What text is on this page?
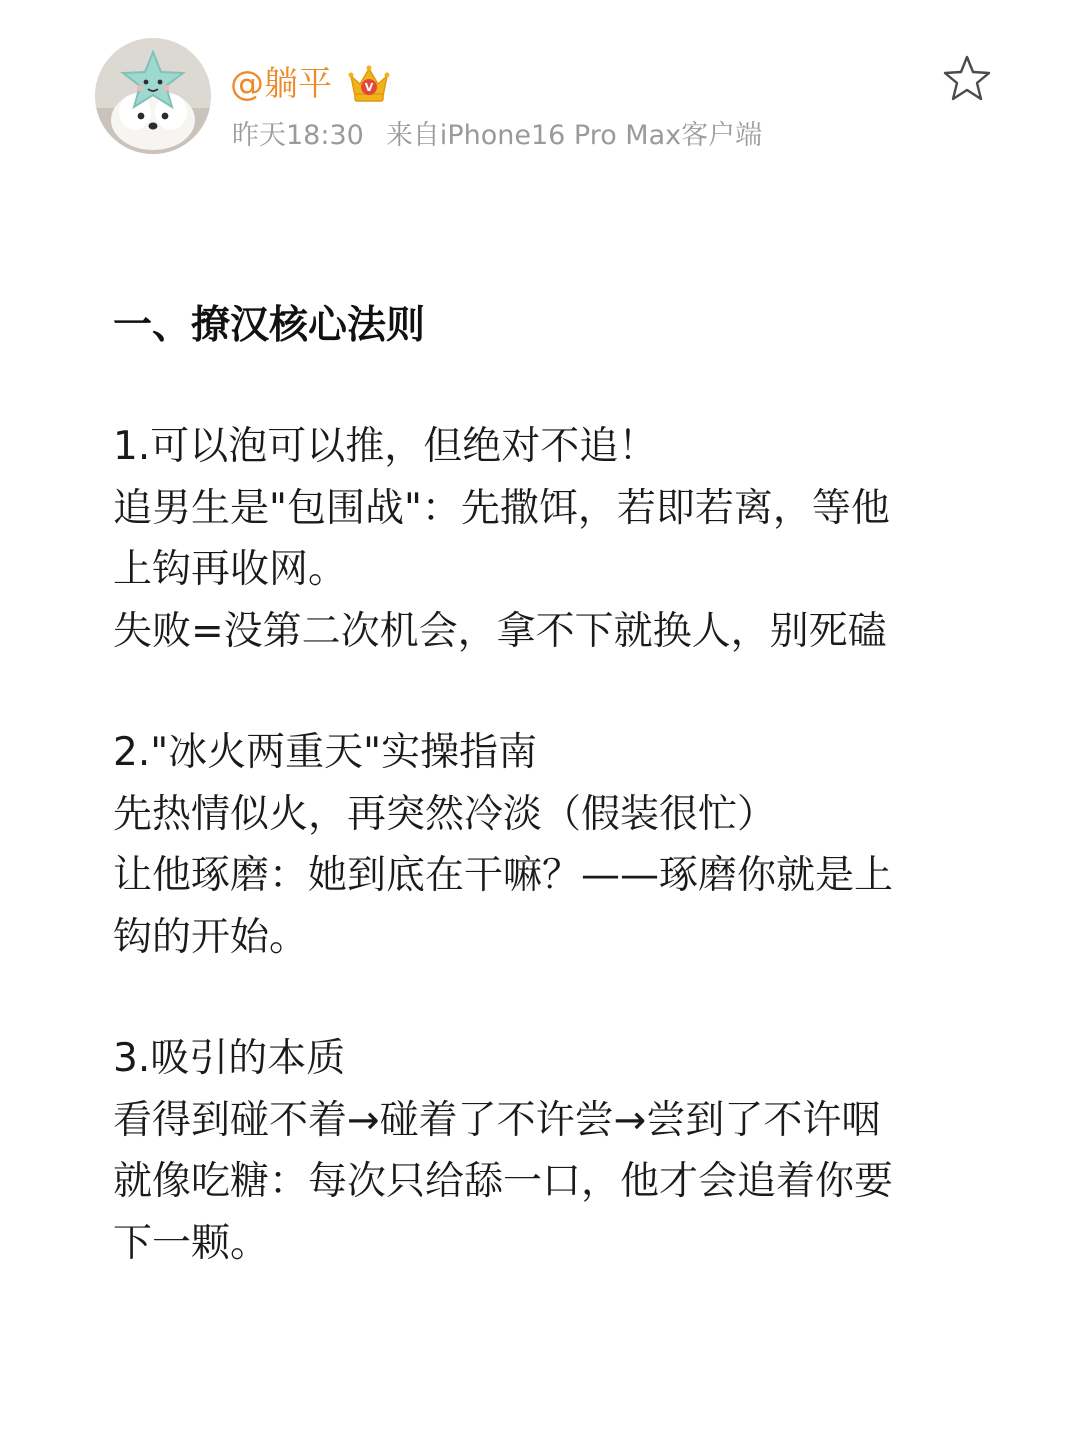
@躺平	V
昨天18:30 来自iPhone16 Pro Max客户端

一、撩汉核心法则

1.可以泡可以推，但绝对不追！

追男生是"包围战"：先撒饵，若即若离，等他

上钩再收网。

失败=没第二次机会，拿不下就换人，别死磕

2."冰火两重天"实操指南

先热情似火，再突然冷淡（假装很忙）

让他琢磨：她到底在干嘛？——琢磨你就是上

钩的开始。

3.吸引的本质

看得到碰不着→碰着了不许尝→尝到了不许咽

就像吃糖：每次只给舔一口，他才会追着你要

下一颗。
